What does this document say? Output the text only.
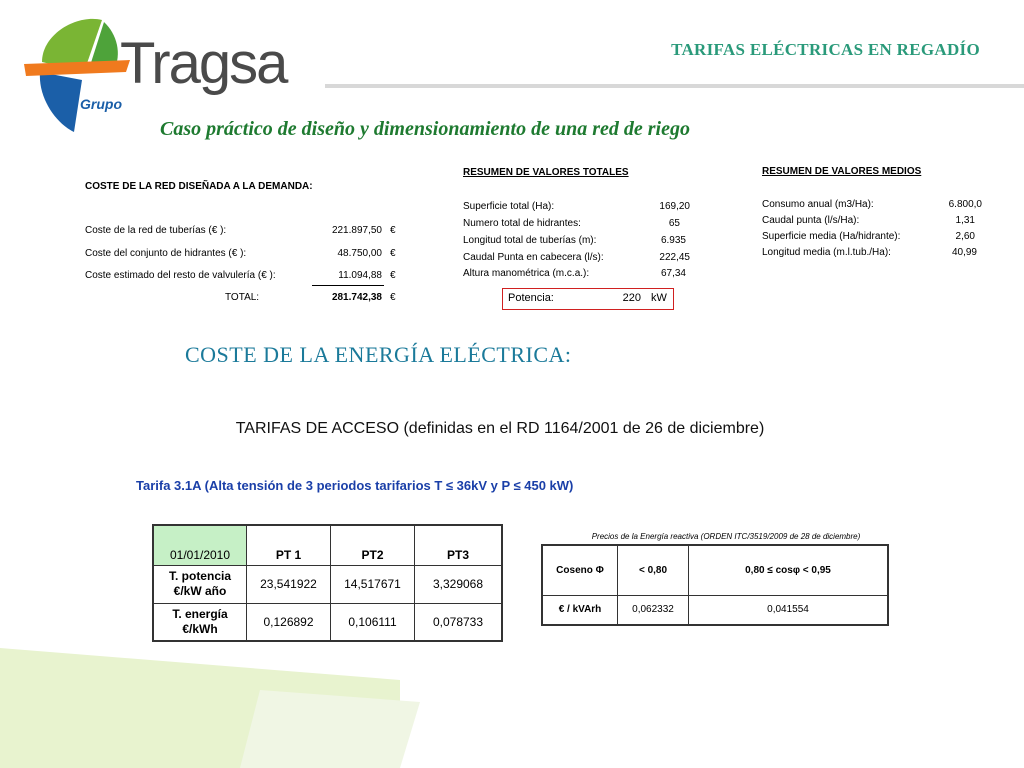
Tragsa
Grupo
TARIFAS ELÉCTRICAS EN REGADÍO
Caso práctico de diseño y dimensionamiento de una red de riego
COSTE DE LA RED DISEÑADA A LA DEMANDA:
Coste de la red de tuberías (€ ):	221.897,50 €
Coste del conjunto de hidrantes (€ ):	48.750,00 €
Coste estimado del resto de valvulería (€ ):	11.094,88 €
TOTAL:	281.742,38 €
RESUMEN DE VALORES TOTALES
Superficie total (Ha):	169,20
Numero total de hidrantes:	65
Longitud total de tuberías (m):	6.935
Caudal Punta en cabecera (l/s):	222,45
Altura manométrica (m.c.a.):	67,34
Potencia:	220 kW
RESUMEN DE VALORES MEDIOS
Consumo anual (m3/Ha):	6.800,0
Caudal punta (l/s/Ha):	1,31
Superficie media (Ha/hidrante):	2,60
Longitud media (m.l.tub./Ha):	40,99
COSTE DE LA ENERGÍA ELÉCTRICA:
TARIFAS DE ACCESO (definidas en el RD 1164/2001 de 26 de diciembre)
Tarifa 3.1A (Alta tensión de 3 periodos tarifarios T ≤ 36kV y P ≤ 450 kW)
01/01/2010	PT 1	PT2	PT3

T. potencia
€/kW año	23,541922	14,517671	3,329068

T. energía
€/kWh	0,126892	0,106111	0,078733
Precios de la Energía reactiva (ORDEN ITC/3519/2009 de 28 de diciembre)
Coseno Φ	< 0,80	0,80 ≤ cosφ < 0,95
€ / kVArh	0,062332	0,041554
